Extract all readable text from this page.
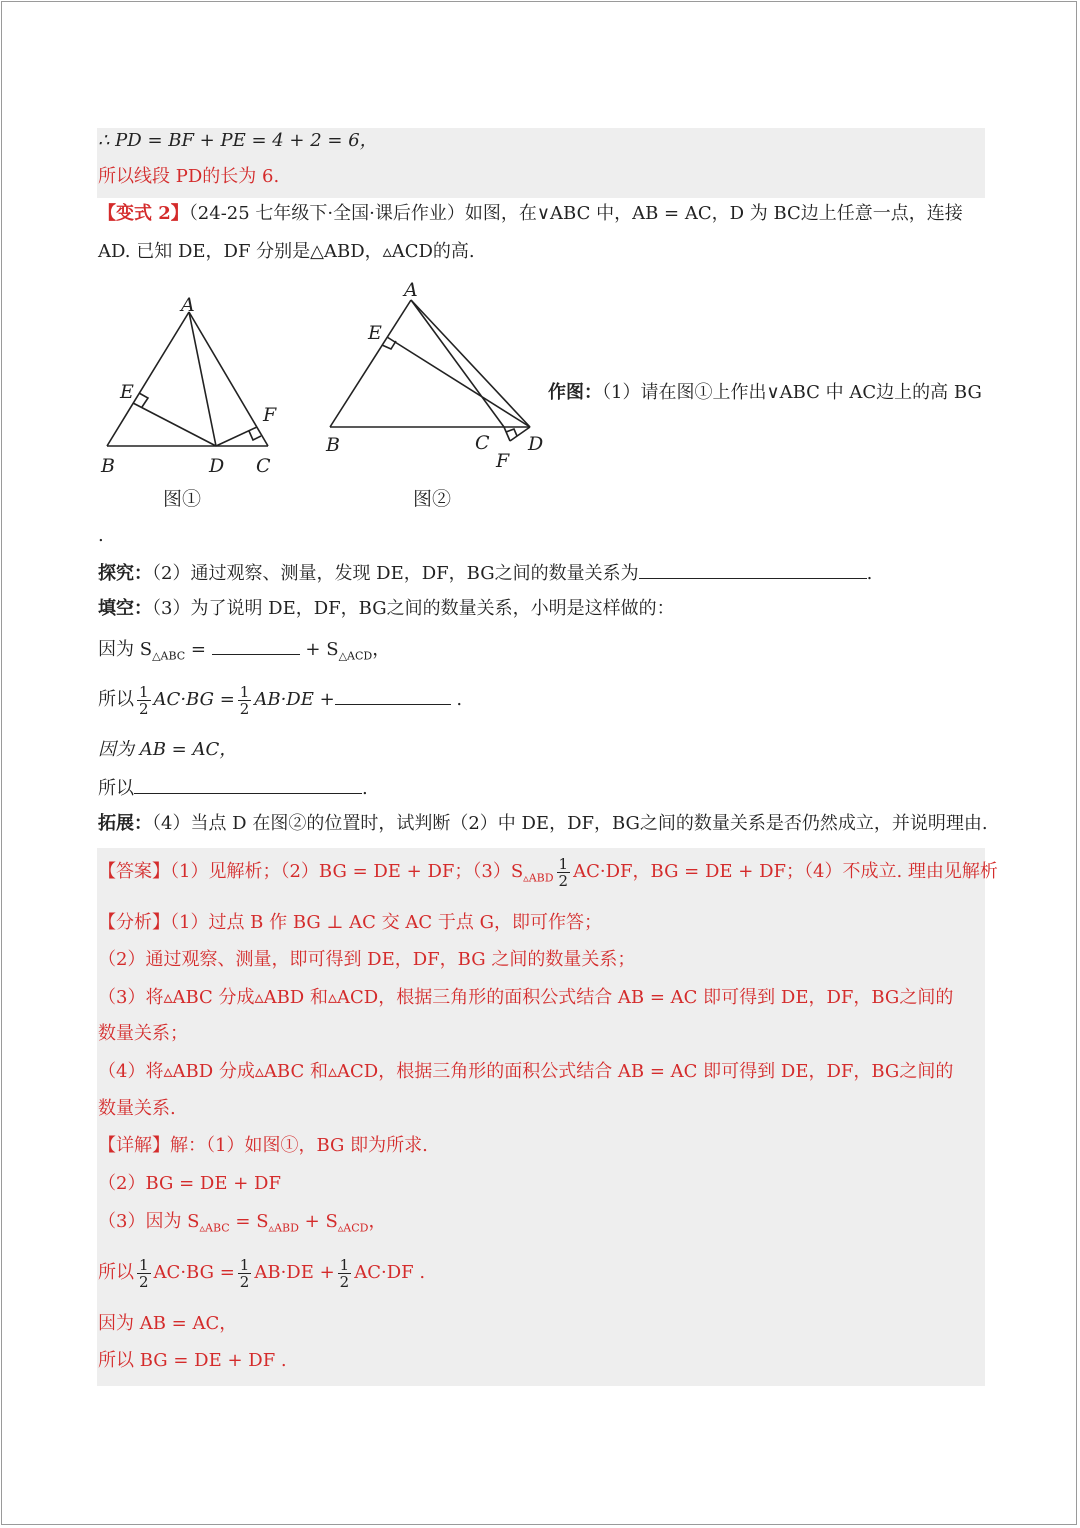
∴ PD = BF + PE = 4 + 2 = 6，
所以线段 PD的长为 6.
【变式 2】（24-25 七年级下·全国·课后作业）如图，在∨ABC 中，AB = AC，D 为 BC边上任意一点，连接
AD. 已知 DE，DF 分别是△ABD，▵ACD的高.
A
E
F
B	D C
图①
A
E
B	C D
F
图②
作图：（1）请在图①上作出∨ABC 中 AC边上的高 BG
.
探究：（2）通过观察、测量，发现 DE，DF，BG之间的数量关系为	.
填空：（3）为了说明 DE，DF，BG之间的数量关系，小明是这样做的：
因为 $S_{\triangle ABC}$ =	+ $S_{\triangle ACD}$，
所以 $\frac{1}{2} AC\cdot BG = \frac{1}{2} AB\cdot DE$ +	.
因为 AB = AC，
所以	.
拓展：（4）当点 D 在图②的位置时，试判断（2）中 DE，DF，BG之间的数量关系是否仍然成立，并说明理由.
【答案】（1）见解析；（2）BG = DE + DF；$(3)S_{▵ABD} \frac{1}{2} AC\cdot DF$，BG = DE + DF；（4）不成立. 理由见解析
【分析】（1）过点 B 作 BG ⊥ AC 交 AC 于点 G，即可作答；
（2）通过观察、测量，即可得到 DE，DF，BG 之间的数量关系；
（3）将▵ABC 分成▵ABD 和▵ACD，根据三角形的面积公式结合 AB = AC 即可得到 DE，DF，BG之间的
数量关系；
（4）将▵ABD 分成▵ABC 和▵ACD，根据三角形的面积公式结合 AB = AC 即可得到 DE，DF，BG之间的
数量关系.
【详解】解：（1）如图①，BG 即为所求.
（2）BG = DE + DF
（3）因为 $S_{▵ABC} = S_{▵ABD} + S_{▵ACD}$，
所以 $\frac{1}{2} AC\cdot BG = \frac{1}{2} AB\cdot DE + \frac{1}{2} AC\cdot DF$ .
因为 AB = AC，
所以 BG = DE + DF .
